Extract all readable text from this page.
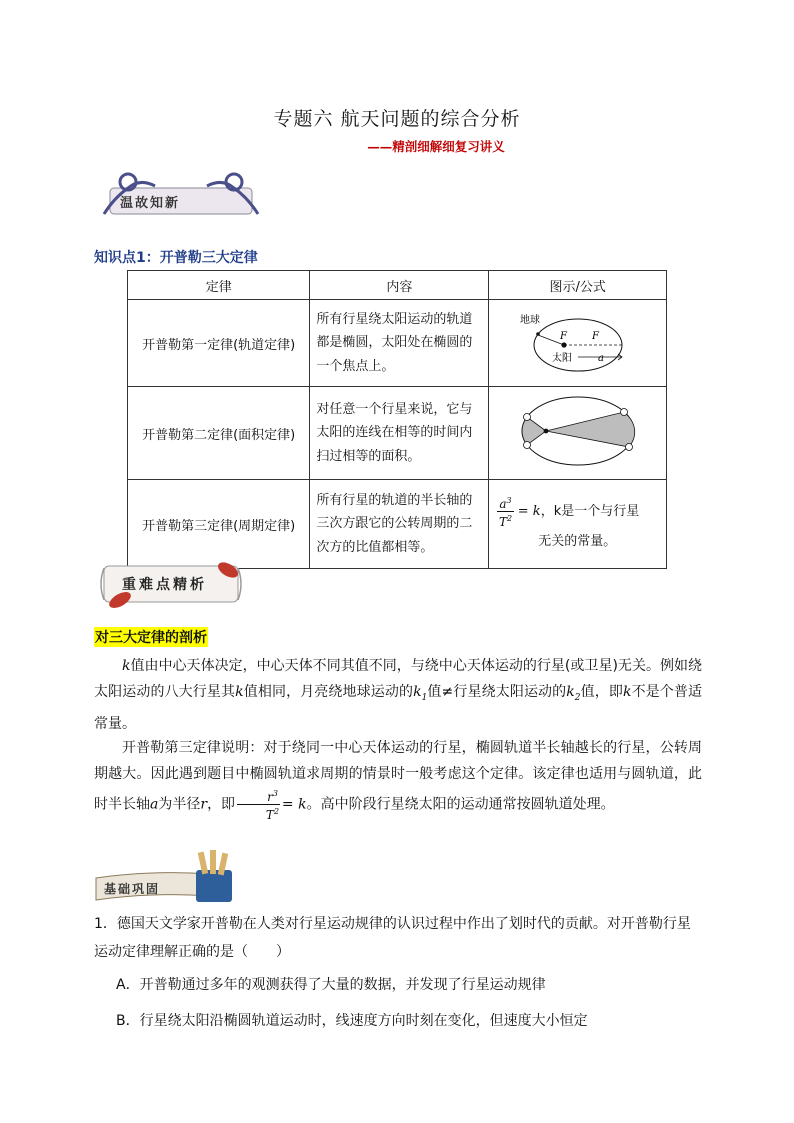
专题六 航天问题的综合分析
——精剖细解细复习讲义
温故知新
知识点1：开普勒三大定律
定律	内容	图示/公式
开普勒第一定律(轨道定律)	所有行星绕太阳运动的轨道都是椭圆，太阳处在椭圆的一个焦点上。	地球
F F
太阳 a

开普勒第二定律(面积定律)	对任意一个行星来说，它与太阳的连线在相等的时间内扫过相等的面积。	
开普勒第三定律(周期定律)	所有行星的轨道的半长轴的三次方跟它的公转周期的二次方的比值都相等。	$\frac{a^3}{T^2} = k$，k是一个与行星
无关的常量。
重难点精析
对三大定律的剖析
k值由中心天体决定，中心天体不同其值不同，与绕中心天体运动的行星(或卫星)无关。例如绕太阳运动的八大行星其k值相同，月亮绕地球运动的$k_1$值≠行星绕太阳运动的$k_2$值，即k不是个普适常量。
开普勒第三定律说明：对于绕同一中心天体运动的行星，椭圆轨道半长轴越长的行星，公转周期越大。因此遇到题目中椭圆轨道求周期的情景时一般考虑这个定律。该定律也适用与圆轨道，此时半长轴a为半径r，即 $\frac{r^3}{T^2} = k$。高中阶段行星绕太阳的运动通常按圆轨道处理。
基础巩固
1．德国天文学家开普勒在人类对行星运动规律的认识过程中作出了划时代的贡献。对开普勒行星运动定律理解正确的是（　　）
A．开普勒通过多年的观测获得了大量的数据，并发现了行星运动规律
B．行星绕太阳沿椭圆轨道运动时，线速度方向时刻在变化，但速度大小恒定
